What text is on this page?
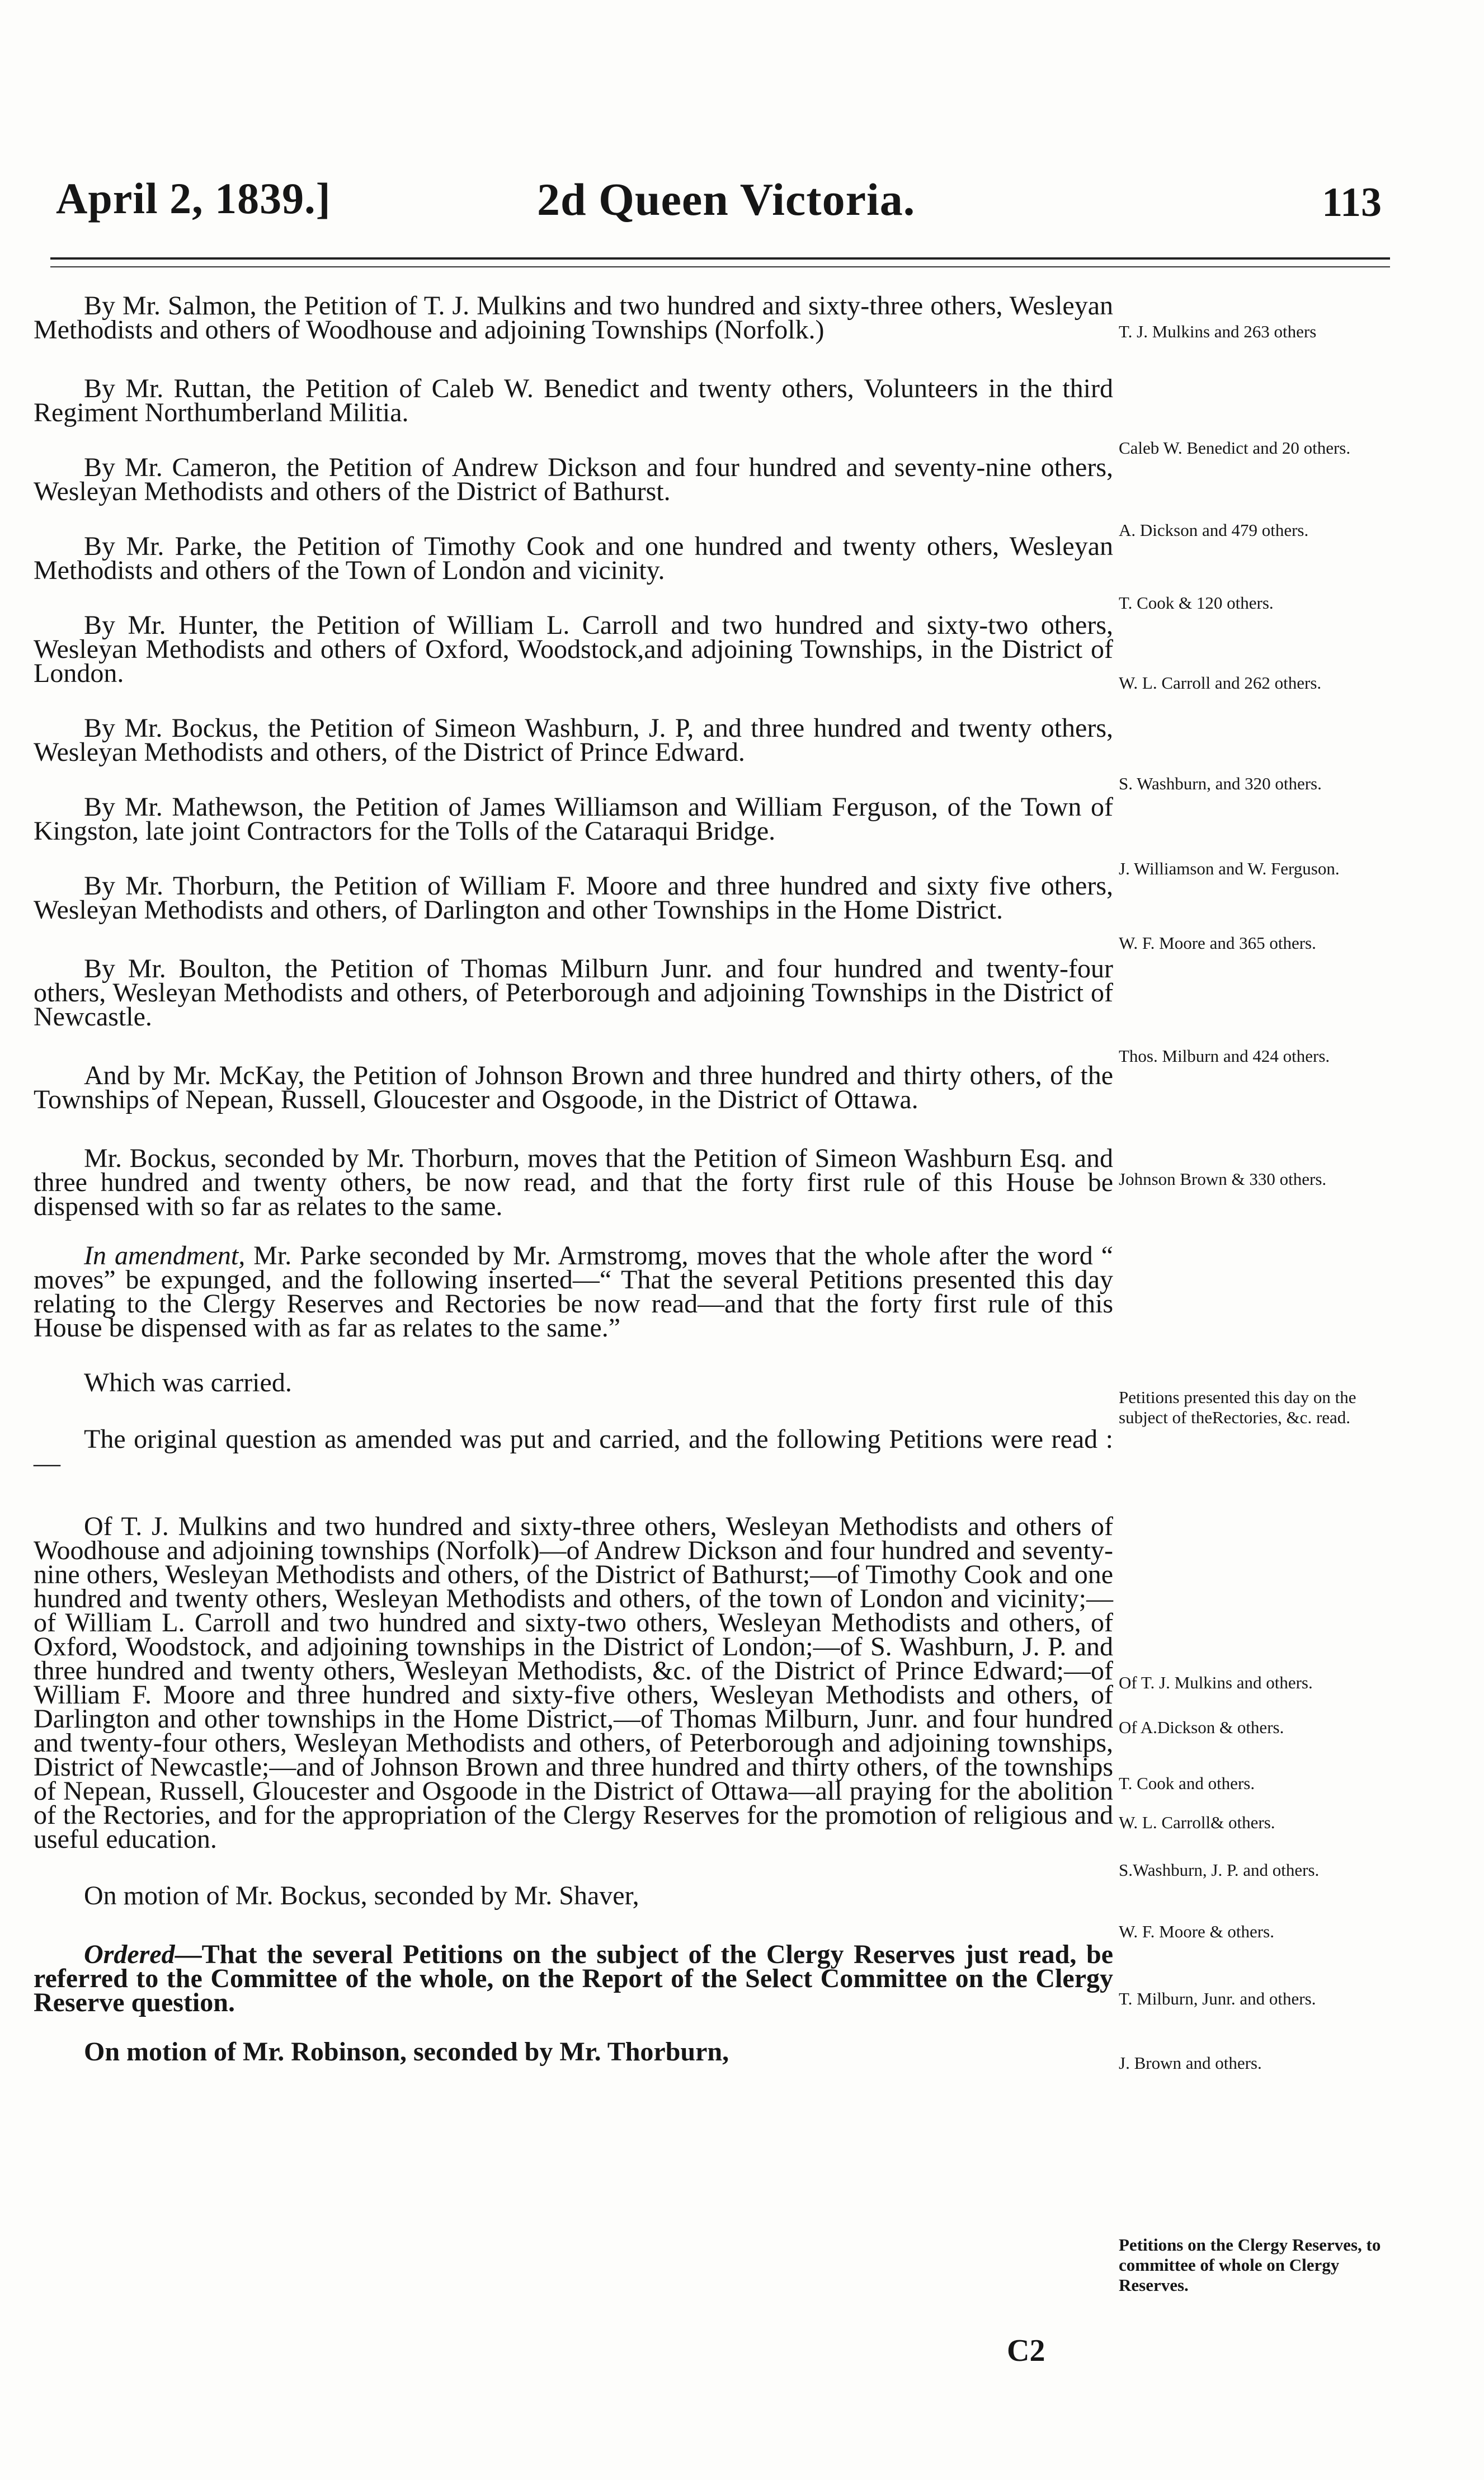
April 2, 1839.]	2d Queen Victoria.	113

By Mr. Salmon, the Petition of T. J. Mulkins and two hundred and sixty-three others, Wesleyan Methodists and others of Woodhouse and adjoining Townships (Norfolk.)

By Mr. Ruttan, the Petition of Caleb W. Benedict and twenty others, Volunteers in the third Regiment Northumberland Militia.

By Mr. Cameron, the Petition of Andrew Dickson and four hundred and seventy-nine others, Wesleyan Methodists and others of the District of Bathurst.

By Mr. Parke, the Petition of Timothy Cook and one hundred and twenty others, Wesleyan Methodists and others of the Town of London and vicinity.

By Mr. Hunter, the Petition of William L. Carroll and two hundred and sixty-two others, Wesleyan Methodists and others of Oxford, Woodstock,and adjoining Townships, in the District of London.

By Mr. Bockus, the Petition of Simeon Washburn, J. P, and three hundred and twenty others, Wesleyan Methodists and others, of the District of Prince Edward.

By Mr. Mathewson, the Petition of James Williamson and William Ferguson, of the Town of Kingston, late joint Contractors for the Tolls of the Cataraqui Bridge.

By Mr. Thorburn, the Petition of William F. Moore and three hundred and sixty five others, Wesleyan Methodists and others, of Darlington and other Townships in the Home District.

By Mr. Boulton, the Petition of Thomas Milburn Junr. and four hundred and twenty-four others, Wesleyan Methodists and others, of Peterborough and adjoining Townships in the District of Newcastle.

And by Mr. McKay, the Petition of Johnson Brown and three hundred and thirty others, of the Townships of Nepean, Russell, Gloucester and Osgoode, in the District of Ottawa.

Mr. Bockus, seconded by Mr. Thorburn, moves that the Petition of Simeon Washburn Esq. and three hundred and twenty others, be now read, and that the forty first rule of this House be dispensed with so far as relates to the same.

In amendment, Mr. Parke seconded by Mr. Armstromg, moves that the whole after the word “ moves” be expunged, and the following inserted—“ That the several Petitions presented this day relating to the Clergy Reserves and Rectories be now read—and that the forty first rule of this House be dispensed with as far as relates to the same.”

Which was carried.

The original question as amended was put and carried, and the following Petitions were read :—

Of T. J. Mulkins and two hundred and sixty-three others, Wesleyan Methodists and others of Woodhouse and adjoining townships (Norfolk)—of Andrew Dickson and four hundred and seventy-nine others, Wesleyan Methodists and others, of the District of Bathurst;—of Timothy Cook and one hundred and twenty others, Wesleyan Methodists and others, of the town of London and vicinity;—of William L. Carroll and two hundred and sixty-two others, Wesleyan Methodists and others, of Oxford, Woodstock, and adjoining townships in the District of London;—of S. Washburn, J. P. and three hundred and twenty others, Wesleyan Methodists, &c. of the District of Prince Edward;—of William F. Moore and three hundred and sixty-five others, Wesleyan Methodists and others, of Darlington and other townships in the Home District,—of Thomas Milburn, Junr. and four hundred and twenty-four others, Wesleyan Methodists and others, of Peterborough and adjoining townships, District of Newcastle;—and of Johnson Brown and three hundred and thirty others, of the townships of Nepean, Russell, Gloucester and Osgoode in the District of Ottawa—all praying for the abolition of the Rectories, and for the appropriation of the Clergy Reserves for the promotion of religious and useful education.

On motion of Mr. Bockus, seconded by Mr. Shaver,

Ordered—That the several Petitions on the subject of the Clergy Reserves just read, be referred to the Committee of the whole, on the Report of the Select Committee on the Clergy Reserve question.

On motion of Mr. Robinson, seconded by Mr. Thorburn,

T. J. Mulkins and 263 others

Caleb W. Benedict and 20 others.

A. Dickson and 479 others.

T. Cook & 120 others.

W. L. Carroll and 262 others.

S. Washburn, and 320 others.

J. Williamson and W. Ferguson.

W. F. Moore and 365 others.

Thos. Milburn and 424 others.

Johnson Brown & 330 others.

Petitions presented this day on the subject of theRectories, &c. read.

Of T. J. Mulkins and others.

Of A.Dickson & others.

T. Cook and others.

W. L. Carroll& others.

S.Washburn, J. P. and others.

W. F. Moore & others.

T. Milburn, Junr. and others.

J. Brown and others.

Petitions on the Clergy Reserves, to committee of whole on Clergy Reserves.

C2
